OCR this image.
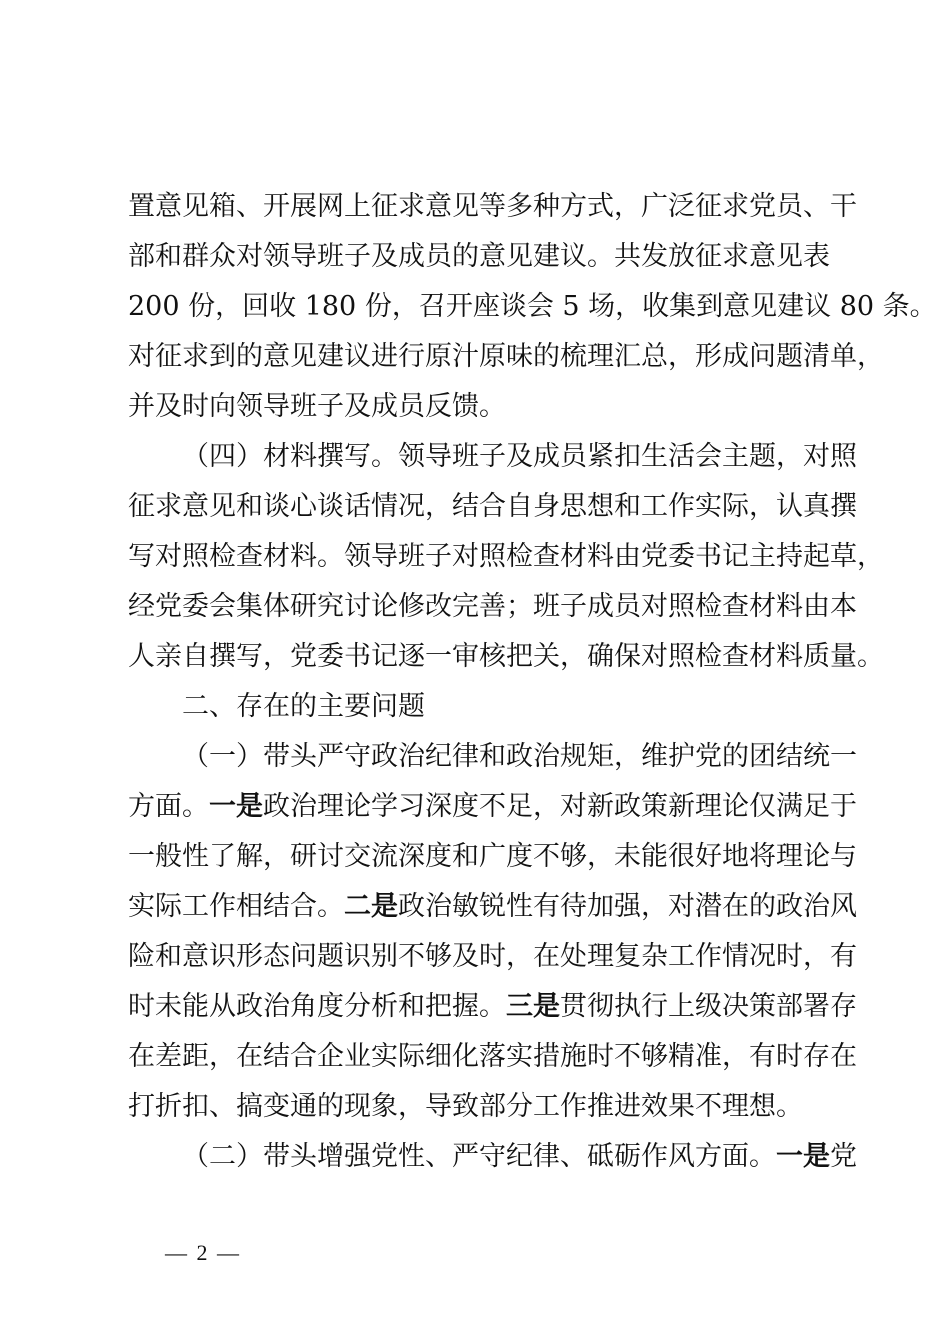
置意见箱、开展网上征求意见等多种方式，广泛征求党员、干
部和群众对领导班子及成员的意见建议。共发放征求意见表
200 份，回收 180 份，召开座谈会 5 场，收集到意见建议 80 条。
对征求到的意见建议进行原汁原味的梳理汇总，形成问题清单，
并及时向领导班子及成员反馈。
（四）材料撰写。领导班子及成员紧扣生活会主题，对照
征求意见和谈心谈话情况，结合自身思想和工作实际，认真撰
写对照检查材料。领导班子对照检查材料由党委书记主持起草，
经党委会集体研究讨论修改完善；班子成员对照检查材料由本
人亲自撰写，党委书记逐一审核把关，确保对照检查材料质量。
二、存在的主要问题
（一）带头严守政治纪律和政治规矩，维护党的团结统一
方面。一是政治理论学习深度不足，对新政策新理论仅满足于
一般性了解，研讨交流深度和广度不够，未能很好地将理论与
实际工作相结合。二是政治敏锐性有待加强，对潜在的政治风
险和意识形态问题识别不够及时，在处理复杂工作情况时，有
时未能从政治角度分析和把握。三是贯彻执行上级决策部署存
在差距，在结合企业实际细化落实措施时不够精准，有时存在
打折扣、搞变通的现象，导致部分工作推进效果不理想。
（二）带头增强党性、严守纪律、砥砺作风方面。一是党
— 2 —
